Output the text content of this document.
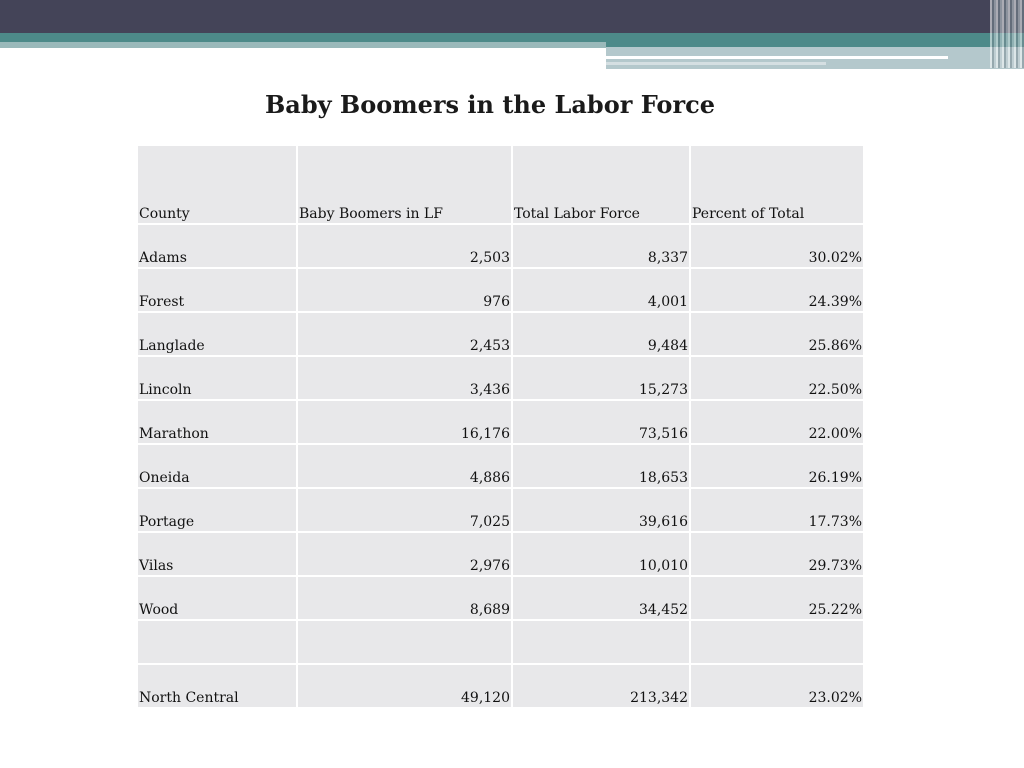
Baby Boomers in the Labor Force
County	Baby Boomers in LF	Total Labor Force	Percent of Total
Adams	2,503	8,337	30.02%
Forest	976	4,001	24.39%
Langlade	2,453	9,484	25.86%
Lincoln	3,436	15,273	22.50%
Marathon	16,176	73,516	22.00%
Oneida	4,886	18,653	26.19%
Portage	7,025	39,616	17.73%
Vilas	2,976	10,010	29.73%
Wood	8,689	34,452	25.22%

North Central	49,120	213,342	23.02%
